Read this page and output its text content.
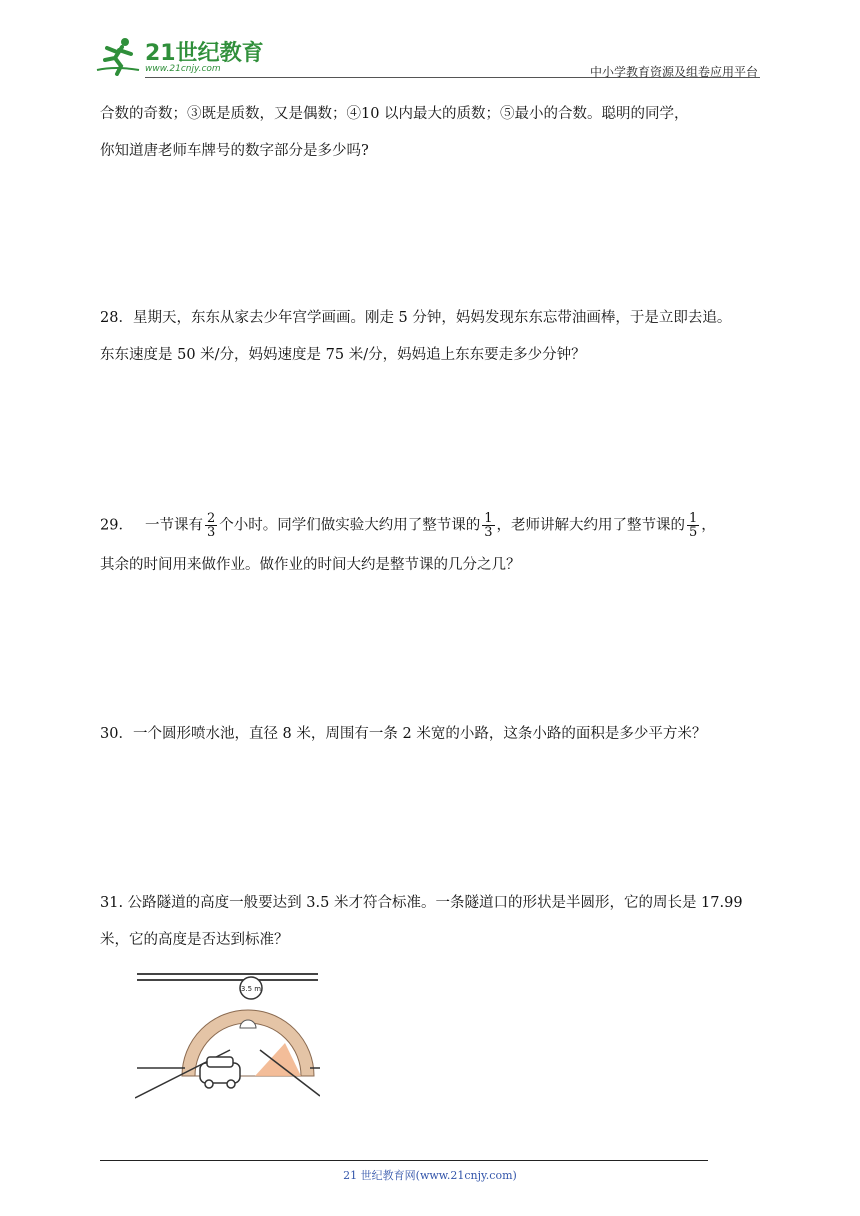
21世纪教育
www.21cnjy.com	中小学教育资源及组卷应用平台
合数的奇数；③既是质数，又是偶数；④10 以内最大的质数；⑤最小的合数。聪明的同学，
你知道唐老师车牌号的数字部分是多少吗?
28．星期天，东东从家去少年宫学画画。刚走 5 分钟，妈妈发现东东忘带油画棒，于是立即去追。
东东速度是 50 米/分，妈妈速度是 75 米/分，妈妈追上东东要走多少分钟？
29． 一节课有 $\frac{2}{3}$ 个小时。同学们做实验大约用了整节课的 $\frac{1}{3}$ ，老师讲解大约用了整节课的 $\frac{1}{5}$ ，
其余的时间用来做作业。做作业的时间大约是整节课的几分之几？
30．一个圆形喷水池，直径 8 米，周围有一条 2 米宽的小路，这条小路的面积是多少平方米？
31. 公路隧道的高度一般要达到 3.5 米才符合标准。一条隧道口的形状是半圆形，它的周长是 17.99
米，它的高度是否达到标准？
3.5 m
21 世纪教育网(www.21cnjy.com)
